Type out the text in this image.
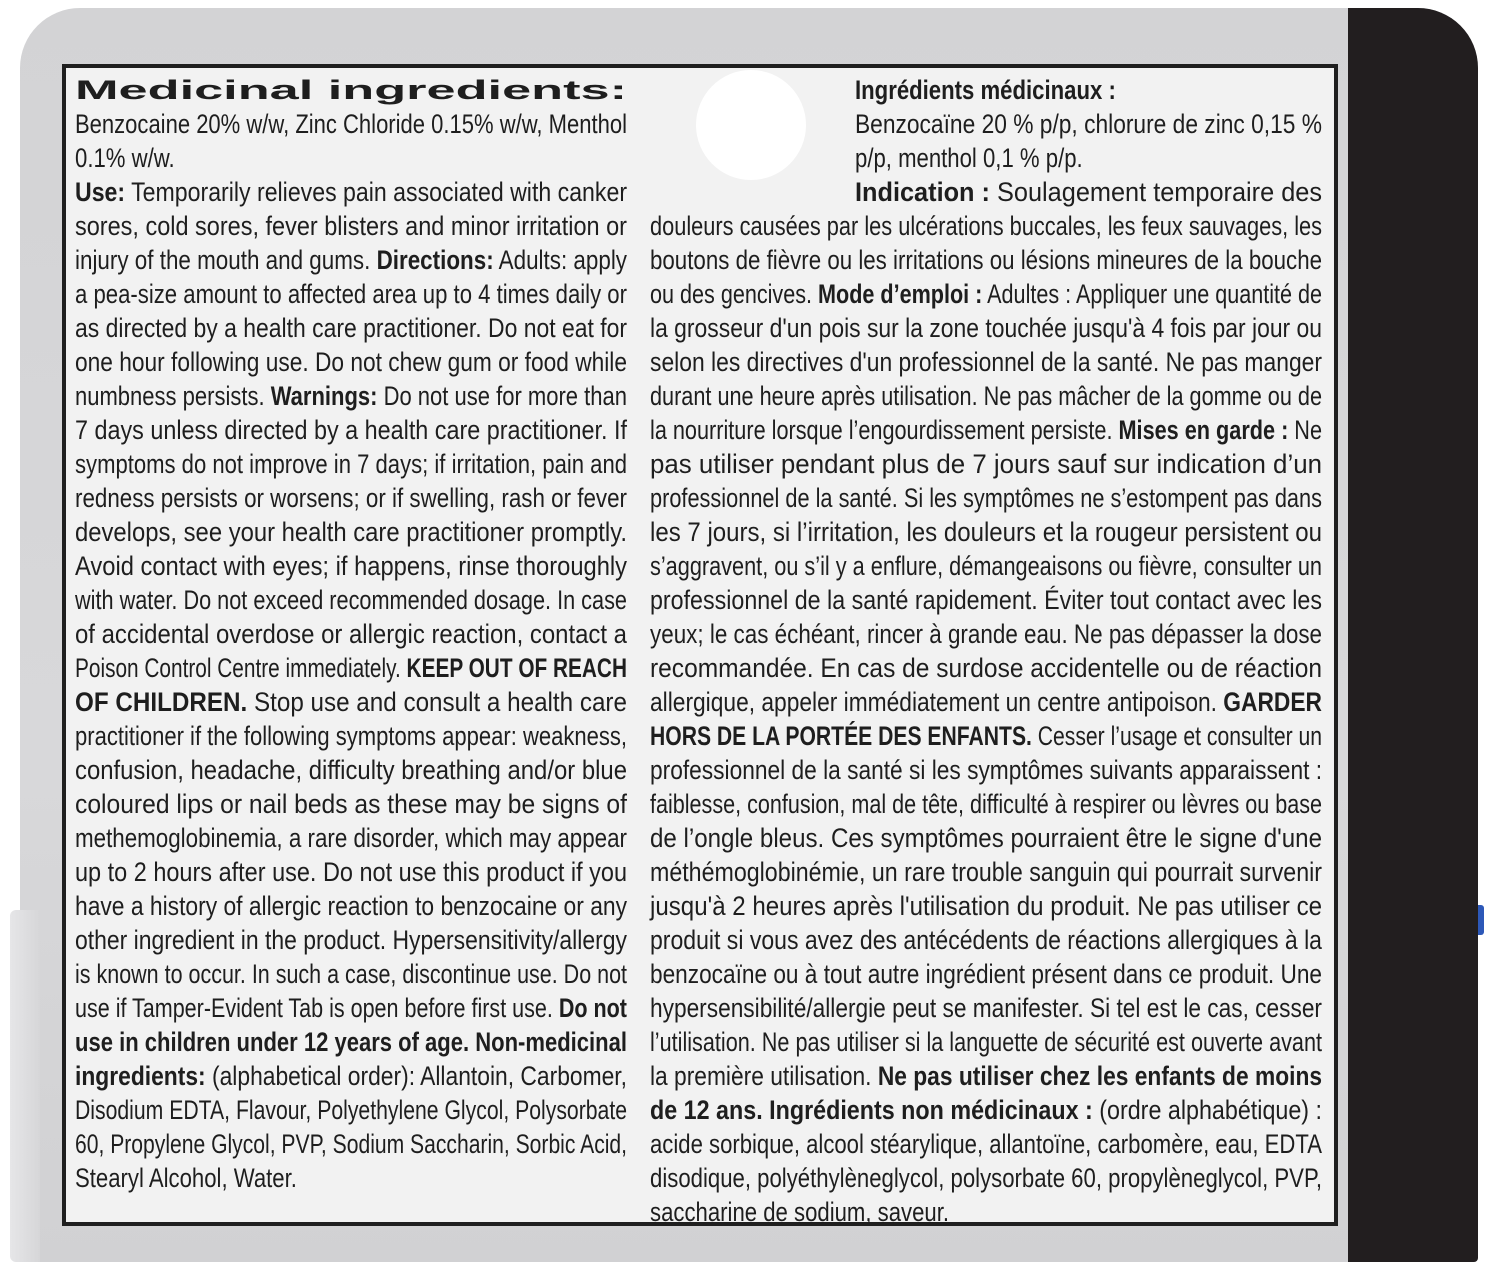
Medicinal ingredients:
Benzocaine 20% w/w, Zinc Chloride 0.15% w/w, Menthol
0.1% w/w.
Use: Temporarily relieves pain associated with canker
sores, cold sores, fever blisters and minor irritation or
injury of the mouth and gums. Directions: Adults: apply
a pea-size amount to affected area up to 4 times daily or
as directed by a health care practitioner. Do not eat for
one hour following use. Do not chew gum or food while
numbness persists. Warnings: Do not use for more than
7 days unless directed by a health care practitioner. If
symptoms do not improve in 7 days; if irritation, pain and
redness persists or worsens; or if swelling, rash or fever
develops, see your health care practitioner promptly.
Avoid contact with eyes; if happens, rinse thoroughly
with water. Do not exceed recommended dosage. In case
of accidental overdose or allergic reaction, contact a
Poison Control Centre immediately. KEEP OUT OF REACH
OF CHILDREN. Stop use and consult a health care
practitioner if the following symptoms appear: weakness,
confusion, headache, difficulty breathing and/or blue
coloured lips or nail beds as these may be signs of
methemoglobinemia, a rare disorder, which may appear
up to 2 hours after use. Do not use this product if you
have a history of allergic reaction to benzocaine or any
other ingredient in the product. Hypersensitivity/allergy
is known to occur. In such a case, discontinue use. Do not
use if Tamper-Evident Tab is open before first use. Do not
use in children under 12 years of age. Non-medicinal
ingredients: (alphabetical order): Allantoin, Carbomer,
Disodium EDTA, Flavour, Polyethylene Glycol, Polysorbate
60, Propylene Glycol, PVP, Sodium Saccharin, Sorbic Acid,
Stearyl Alcohol, Water.
Ingrédients médicinaux :
Benzocaïne 20 % p/p, chlorure de zinc 0,15 %
p/p, menthol 0,1 % p/p.
Indication : Soulagement temporaire des
douleurs causées par les ulcérations buccales, les feux sauvages, les
boutons de fièvre ou les irritations ou lésions mineures de la bouche
ou des gencives. Mode d’emploi : Adultes : Appliquer une quantité de
la grosseur d'un pois sur la zone touchée jusqu'à 4 fois par jour ou
selon les directives d'un professionnel de la santé. Ne pas manger
durant une heure après utilisation. Ne pas mâcher de la gomme ou de
la nourriture lorsque l’engourdissement persiste. Mises en garde : Ne
pas utiliser pendant plus de 7 jours sauf sur indication d’un
professionnel de la santé. Si les symptômes ne s’estompent pas dans
les 7 jours, si l’irritation, les douleurs et la rougeur persistent ou
s’aggravent, ou s’il y a enflure, démangeaisons ou fièvre, consulter un
professionnel de la santé rapidement. Éviter tout contact avec les
yeux; le cas échéant, rincer à grande eau. Ne pas dépasser la dose
recommandée. En cas de surdose accidentelle ou de réaction
allergique, appeler immédiatement un centre antipoison. GARDER
HORS DE LA PORTÉE DES ENFANTS. Cesser l’usage et consulter un
professionnel de la santé si les symptômes suivants apparaissent :
faiblesse, confusion, mal de tête, difficulté à respirer ou lèvres ou base
de l’ongle bleus. Ces symptômes pourraient être le signe d'une
méthémoglobinémie, un rare trouble sanguin qui pourrait survenir
jusqu'à 2 heures après l'utilisation du produit. Ne pas utiliser ce
produit si vous avez des antécédents de réactions allergiques à la
benzocaïne ou à tout autre ingrédient présent dans ce produit. Une
hypersensibilité/allergie peut se manifester. Si tel est le cas, cesser
l’utilisation. Ne pas utiliser si la languette de sécurité est ouverte avant
la première utilisation. Ne pas utiliser chez les enfants de moins
de 12 ans. Ingrédients non médicinaux : (ordre alphabétique) :
acide sorbique, alcool stéarylique, allantoïne, carbomère, eau, EDTA
disodique, polyéthylèneglycol, polysorbate 60, propylèneglycol, PVP,
saccharine de sodium, saveur.
